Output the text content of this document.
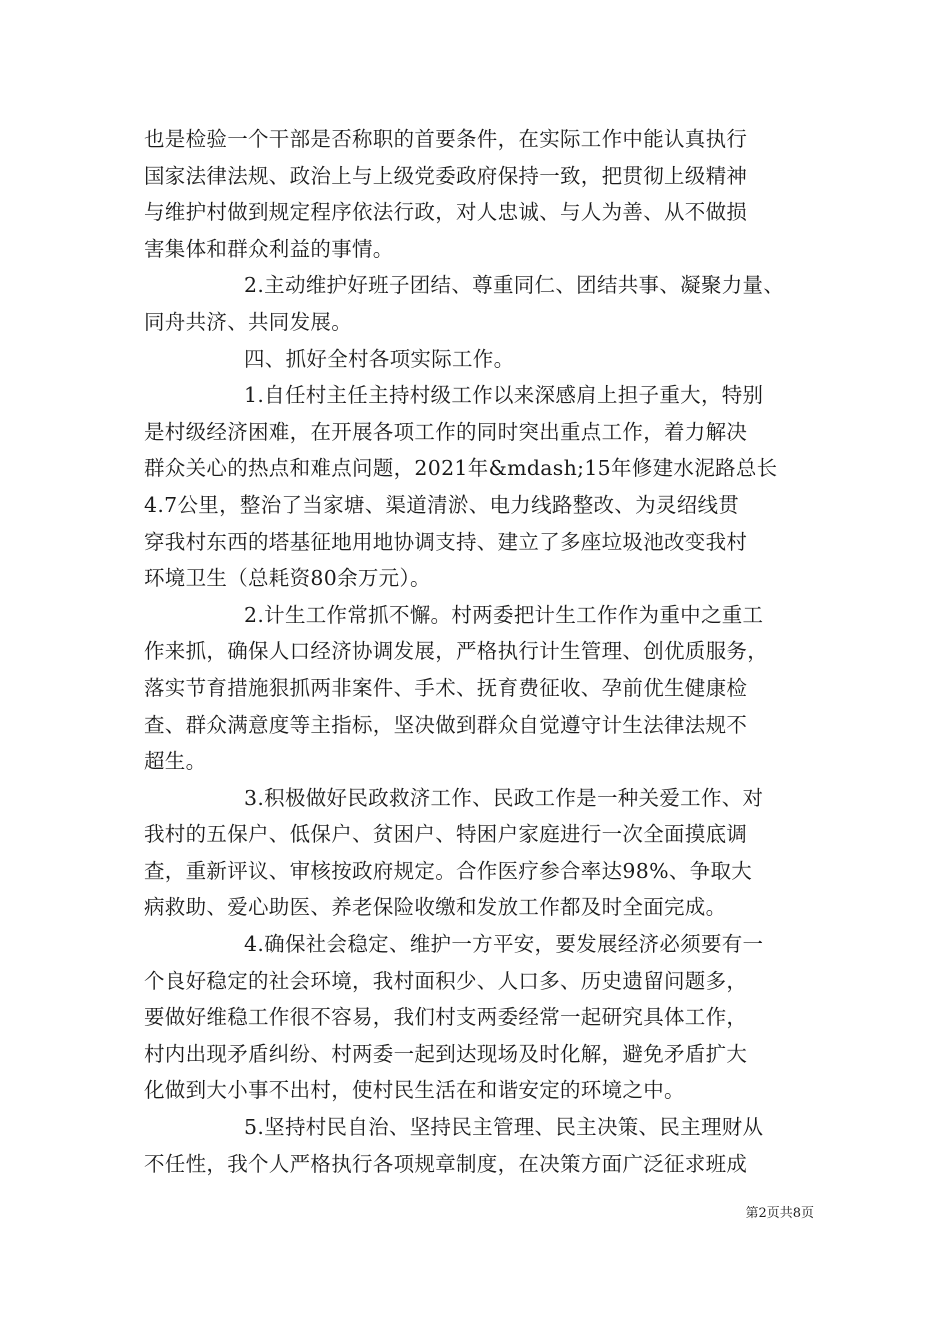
也是检验一个干部是否称职的首要条件，在实际工作中能认真执行
国家法律法规、政治上与上级党委政府保持一致，把贯彻上级精神
与维护村做到规定程序依法行政，对人忠诚、与人为善、从不做损
害集体和群众利益的事情。

2.主动维护好班子团结、尊重同仁、团结共事、凝聚力量、
同舟共济、共同发展。

四、抓好全村各项实际工作。

1.自任村主任主持村级工作以来深感肩上担子重大，特别
是村级经济困难，在开展各项工作的同时突出重点工作，着力解决
群众关心的热点和难点问题，2021年&mdash;15年修建水泥路总长
4.7公里，整治了当家塘、渠道清淤、电力线路整改、为灵绍线贯
穿我村东西的塔基征地用地协调支持、建立了多座垃圾池改变我村
环境卫生（总耗资80余万元）。

2.计生工作常抓不懈。村两委把计生工作作为重中之重工
作来抓，确保人口经济协调发展，严格执行计生管理、创优质服务，
落实节育措施狠抓两非案件、手术、抚育费征收、孕前优生健康检
查、群众满意度等主指标，坚决做到群众自觉遵守计生法律法规不
超生。

3.积极做好民政救济工作、民政工作是一种关爱工作、对
我村的五保户、低保户、贫困户、特困户家庭进行一次全面摸底调
查，重新评议、审核按政府规定。合作医疗参合率达98%、争取大
病救助、爱心助医、养老保险收缴和发放工作都及时全面完成。

4.确保社会稳定、维护一方平安，要发展经济必须要有一
个良好稳定的社会环境，我村面积少、人口多、历史遗留问题多，
要做好维稳工作很不容易，我们村支两委经常一起研究具体工作，
村内出现矛盾纠纷、村两委一起到达现场及时化解，避免矛盾扩大
化做到大小事不出村，使村民生活在和谐安定的环境之中。

5.坚持村民自治、坚持民主管理、民主决策、民主理财从
不任性，我个人严格执行各项规章制度，在决策方面广泛征求班成

第2页共8页
